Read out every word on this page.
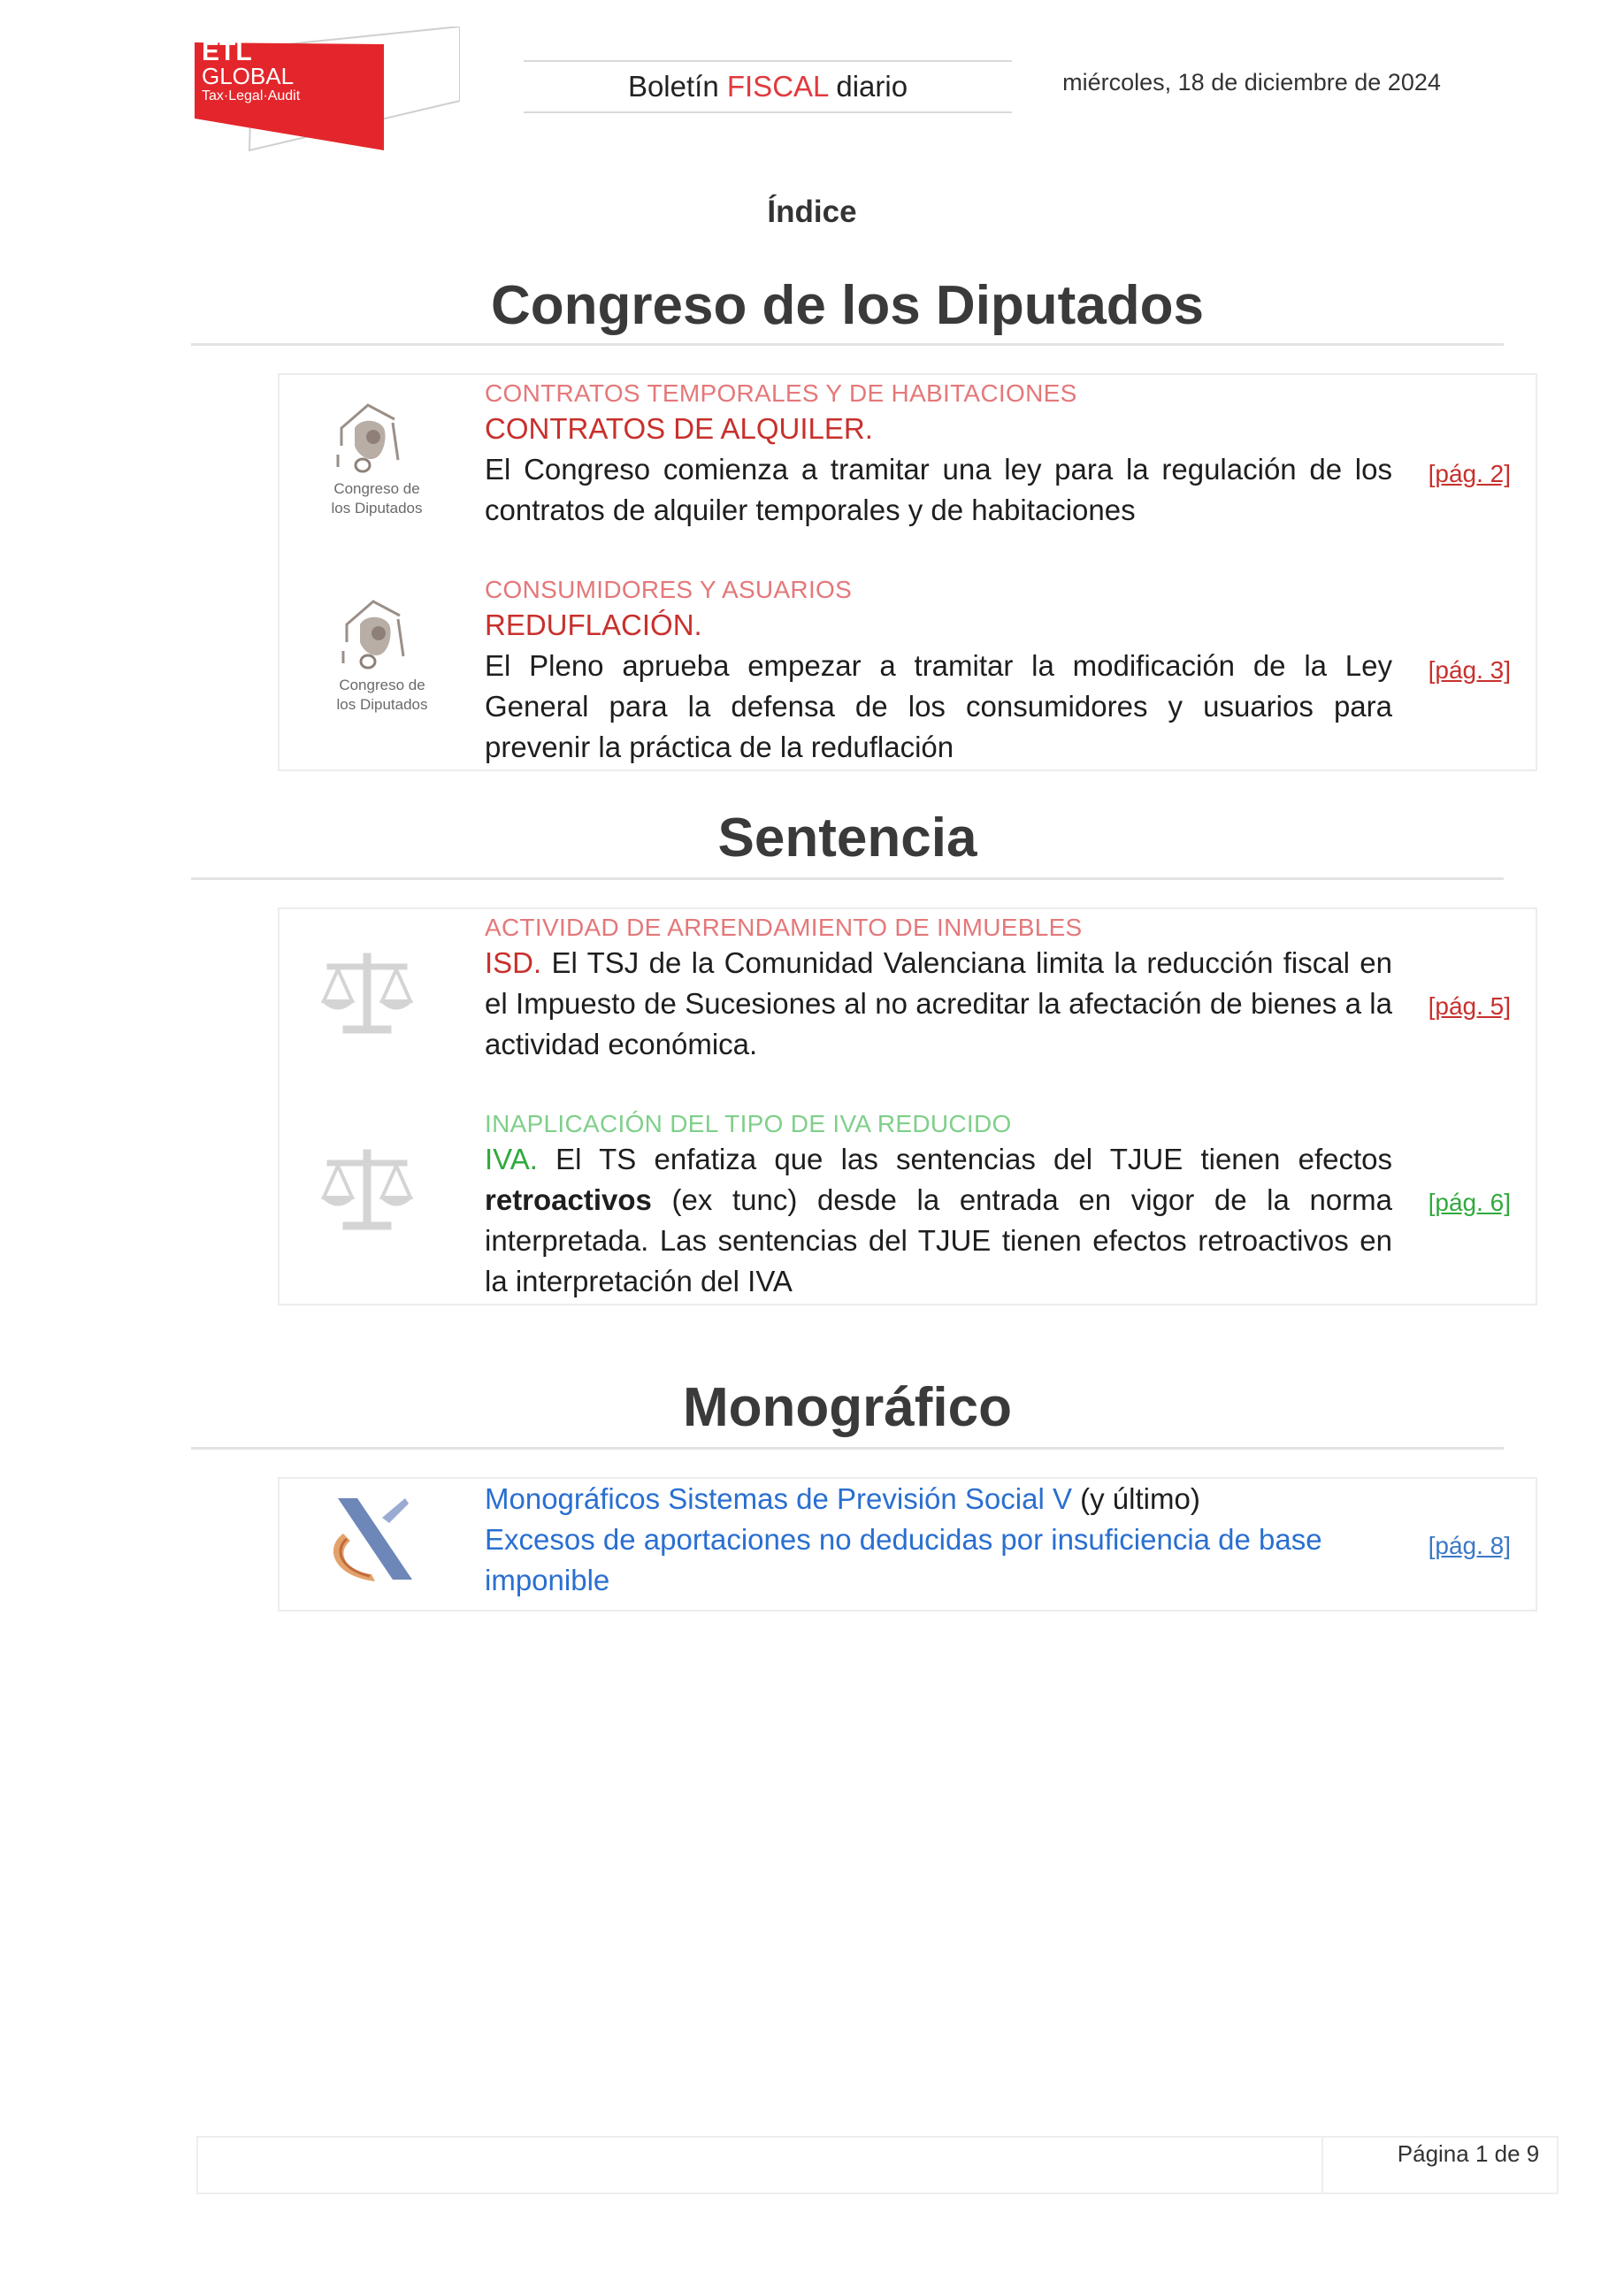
ETL
GLOBAL
Tax·Legal·Audit	Boletín FISCAL diario	miércoles, 18 de diciembre de 2024
Índice
Congreso de los Diputados
Congreso de
los Diputados
CONTRATOS TEMPORALES Y DE HABITACIONES
CONTRATOS DE ALQUILER.
El Congreso comienza a tramitar una ley para la regulación de los contratos de alquiler temporales y de habitaciones
[pág. 2]
Congreso de
los Diputados
CONSUMIDORES Y ASUARIOS
REDUFLACIÓN.
El Pleno aprueba empezar a tramitar la modificación de la Ley General para la defensa de los consumidores y usuarios para prevenir la práctica de la reduflación
[pág. 3]
Sentencia
ACTIVIDAD DE ARRENDAMIENTO DE INMUEBLES
ISD. El TSJ de la Comunidad Valenciana limita la reducción fiscal en el Impuesto de Sucesiones al no acreditar la afectación de bienes a la actividad económica.
[pág. 5]
INAPLICACIÓN DEL TIPO DE IVA REDUCIDO
IVA. El TS enfatiza que las sentencias del TJUE tienen efectos retroactivos (ex tunc) desde la entrada en vigor de la norma interpretada. Las sentencias del TJUE tienen efectos retroactivos en la interpretación del IVA
[pág. 6]
Monográfico
Monográficos Sistemas de Previsión Social V (y último)
Excesos de aportaciones no deducidas por insuficiencia de base imponible
[pág. 8]
Página 1 de 9
